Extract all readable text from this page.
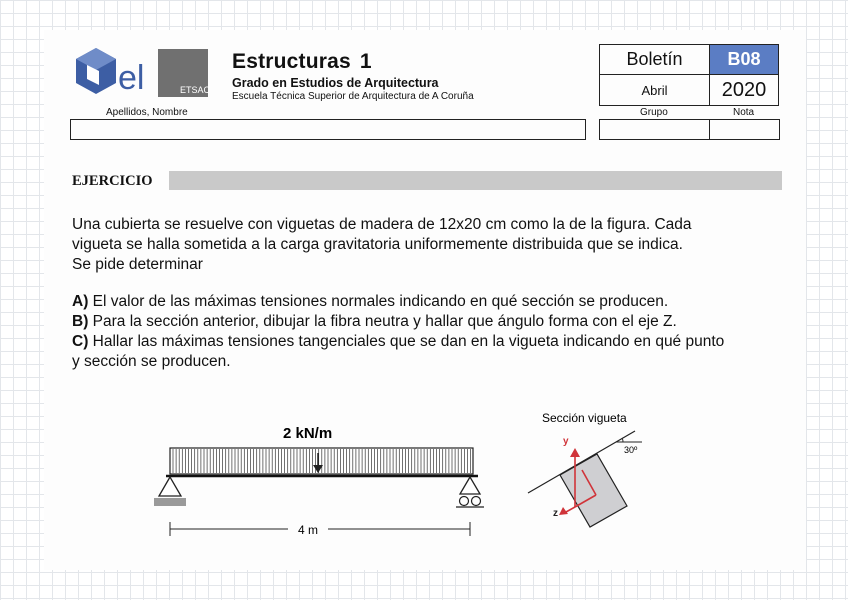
el	ETSAC
Estructuras 1
Grado en Estudios de Arquitectura
Escuela Técnica Superior de Arquitectura de A Coruña
Apellidos, Nombre
Boletín	B08
Abril	2020
Grupo	Nota
EJERCICIO
Una cubierta se resuelve con viguetas de madera de 12x20 cm como la de la figura. Cada
vigueta se halla sometida a la carga gravitatoria uniformemente distribuida que se indica.
Se pide determinar
A) El valor de las máximas tensiones normales indicando en qué sección se producen.
B) Para la sección anterior, dibujar la fibra neutra y hallar que ángulo forma con el eje Z.
C) Hallar las máximas tensiones tangenciales que se dan en la vigueta indicando en qué punto
y sección se producen.
2 kN/m
4 m
Sección vigueta
30º
y
z
